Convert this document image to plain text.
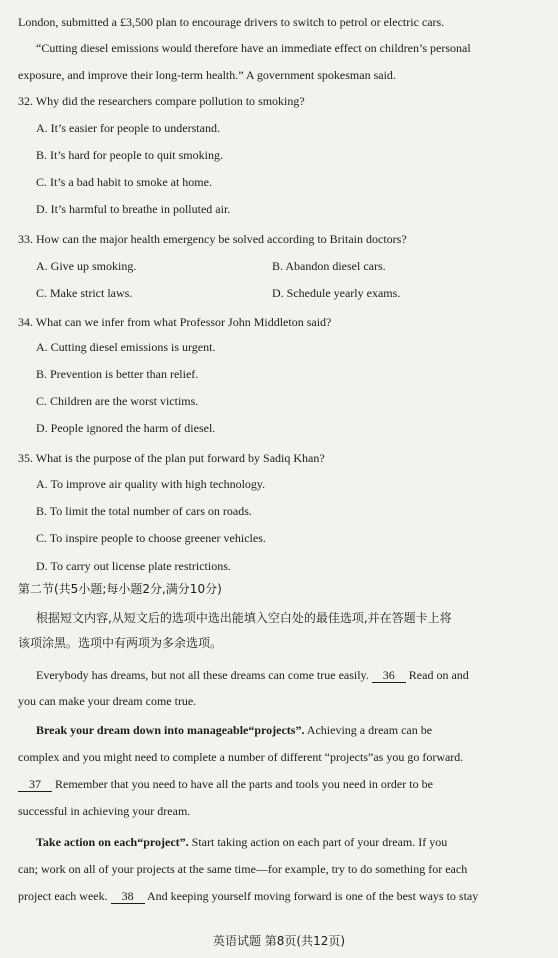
London, submitted a £3,500 plan to encourage drivers to switch to petrol or electric cars.
“Cutting diesel emissions would therefore have an immediate effect on children’s personal
exposure, and improve their long-term health.” A government spokesman said.
32. Why did the researchers compare pollution to smoking?
A. It’s easier for people to understand.
B. It’s hard for people to quit smoking.
C. It’s a bad habit to smoke at home.
D. It’s harmful to breathe in polluted air.
33. How can the major health emergency be solved according to Britain doctors?
A. Give up smoking.	B. Abandon diesel cars.
C. Make strict laws.	D. Schedule yearly exams.
34. What can we infer from what Professor John Middleton said?
A. Cutting diesel emissions is urgent.
B. Prevention is better than relief.
C. Children are the worst victims.
D. People ignored the harm of diesel.
35. What is the purpose of the plan put forward by Sadiq Khan?
A. To improve air quality with high technology.
B. To limit the total number of cars on roads.
C. To inspire people to choose greener vehicles.
D. To carry out license plate restrictions.
第二节(共5小题;每小题2分,满分10分)
根据短文内容,从短文后的选项中选出能填入空白处的最佳选项,并在答题卡上将
该项涂黑。选项中有两项为多余选项。
Everybody has dreams, but not all these dreams can come true easily. 36 Read on and
you can make your dream come true.
Break your dream down into manageable“projects”. Achieving a dream can be
complex and you might need to complete a number of different “projects”as you go forward.
37 Remember that you need to have all the parts and tools you need in order to be
successful in achieving your dream.
Take action on each“project”. Start taking action on each part of your dream. If you
can; work on all of your projects at the same time—for example, try to do something for each
project each week. 38 And keeping yourself moving forward is one of the best ways to stay
英语试题 第8页(共12页)
